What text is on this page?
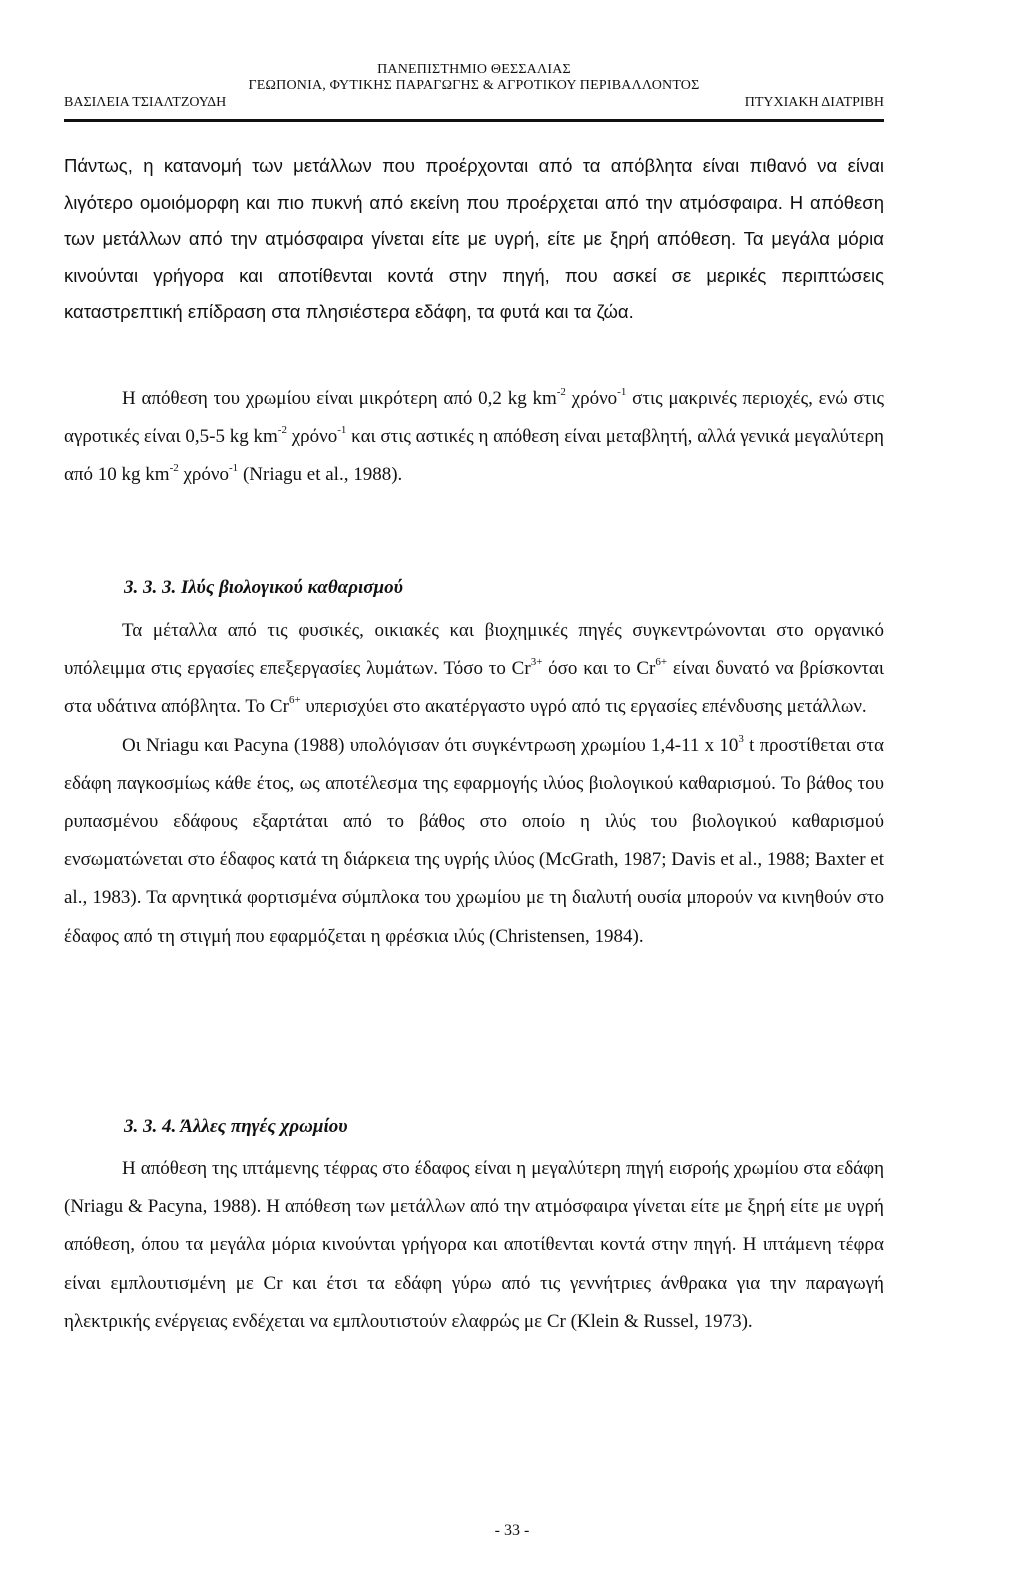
ΠΑΝΕΠΙΣΤΗΜΙΟ ΘΕΣΣΑΛΙΑΣ
ΓΕΩΠΟΝΙΑ, ΦΥΤΙΚΗΣ ΠΑΡΑΓΩΓΗΣ & ΑΓΡΟΤΙΚΟΥ ΠΕΡΙΒΑΛΛΟΝΤΟΣ
ΒΑΣΙΛΕΙΑ ΤΣΙΑΛΤΖΟΥΔΗ	ΠΤΥΧΙΑΚΗ ΔΙΑΤΡΙΒΗ

Πάντως, η κατανομή των μετάλλων που προέρχονται από τα απόβλητα είναι πιθανό να είναι λιγότερο ομοιόμορφη και πιο πυκνή από εκείνη που προέρχεται από την ατμόσφαιρα. Η απόθεση των μετάλλων από την ατμόσφαιρα γίνεται είτε με υγρή, είτε με ξηρή απόθεση. Τα μεγάλα μόρια κινούνται γρήγορα και αποτίθενται κοντά στην πηγή, που ασκεί σε μερικές περιπτώσεις καταστρεπτική επίδραση στα πλησιέστερα εδάφη, τα φυτά και τα ζώα.

Η απόθεση του χρωμίου είναι μικρότερη από 0,2 kg $km^{-2}$ χρόνο$^{-1}$ στις μακρινές περιοχές, ενώ στις αγροτικές είναι 0,5-5 kg $km^{-2}$ χρόνο$^{-1}$ και στις αστικές η απόθεση είναι μεταβλητή, αλλά γενικά μεγαλύτερη από 10 kg $km^{-2}$ χρόνο$^{-1}$ (Nriagu et al., 1988).

3. 3. 3. Ιλύς βιολογικού καθαρισμού

Τα μέταλλα από τις φυσικές, οικιακές και βιοχημικές πηγές συγκεντρώνονται στο οργανικό υπόλειμμα στις εργασίες επεξεργασίες λυμάτων. Τόσο το $Cr^{3+}$ όσο και το $Cr^{6+}$ είναι δυνατό να βρίσκονται στα υδάτινα απόβλητα. Το $Cr^{6+}$ υπερισχύει στο ακατέργαστο υγρό από τις εργασίες επένδυσης μετάλλων.

Οι Nriagu και Pacyna (1988) υπολόγισαν ότι συγκέντρωση χρωμίου 1,4-11 x $10^3$ t προστίθεται στα εδάφη παγκοσμίως κάθε έτος, ως αποτέλεσμα της εφαρμογής ιλύος βιολογικού καθαρισμού. Το βάθος του ρυπασμένου εδάφους εξαρτάται από το βάθος στο οποίο η ιλύς του βιολογικού καθαρισμού ενσωματώνεται στο έδαφος κατά τη διάρκεια της υγρής ιλύος (McGrath, 1987; Davis et al., 1988; Baxter et al., 1983). Τα αρνητικά φορτισμένα σύμπλοκα του χρωμίου με τη διαλυτή ουσία μπορούν να κινηθούν στο έδαφος από τη στιγμή που εφαρμόζεται η φρέσκια ιλύς (Christensen, 1984).

3. 3. 4. Άλλες πηγές χρωμίου

Η απόθεση της ιπτάμενης τέφρας στο έδαφος είναι η μεγαλύτερη πηγή εισροής χρωμίου στα εδάφη (Nriagu & Pacyna, 1988). Η απόθεση των μετάλλων από την ατμόσφαιρα γίνεται είτε με ξηρή είτε με υγρή απόθεση, όπου τα μεγάλα μόρια κινούνται γρήγορα και αποτίθενται κοντά στην πηγή. Η ιπτάμενη τέφρα είναι εμπλουτισμένη με Cr και έτσι τα εδάφη γύρω από τις γεννήτριες άνθρακα για την παραγωγή ηλεκτρικής ενέργειας ενδέχεται να εμπλουτιστούν ελαφρώς με Cr (Klein & Russel, 1973).

- 33 -
